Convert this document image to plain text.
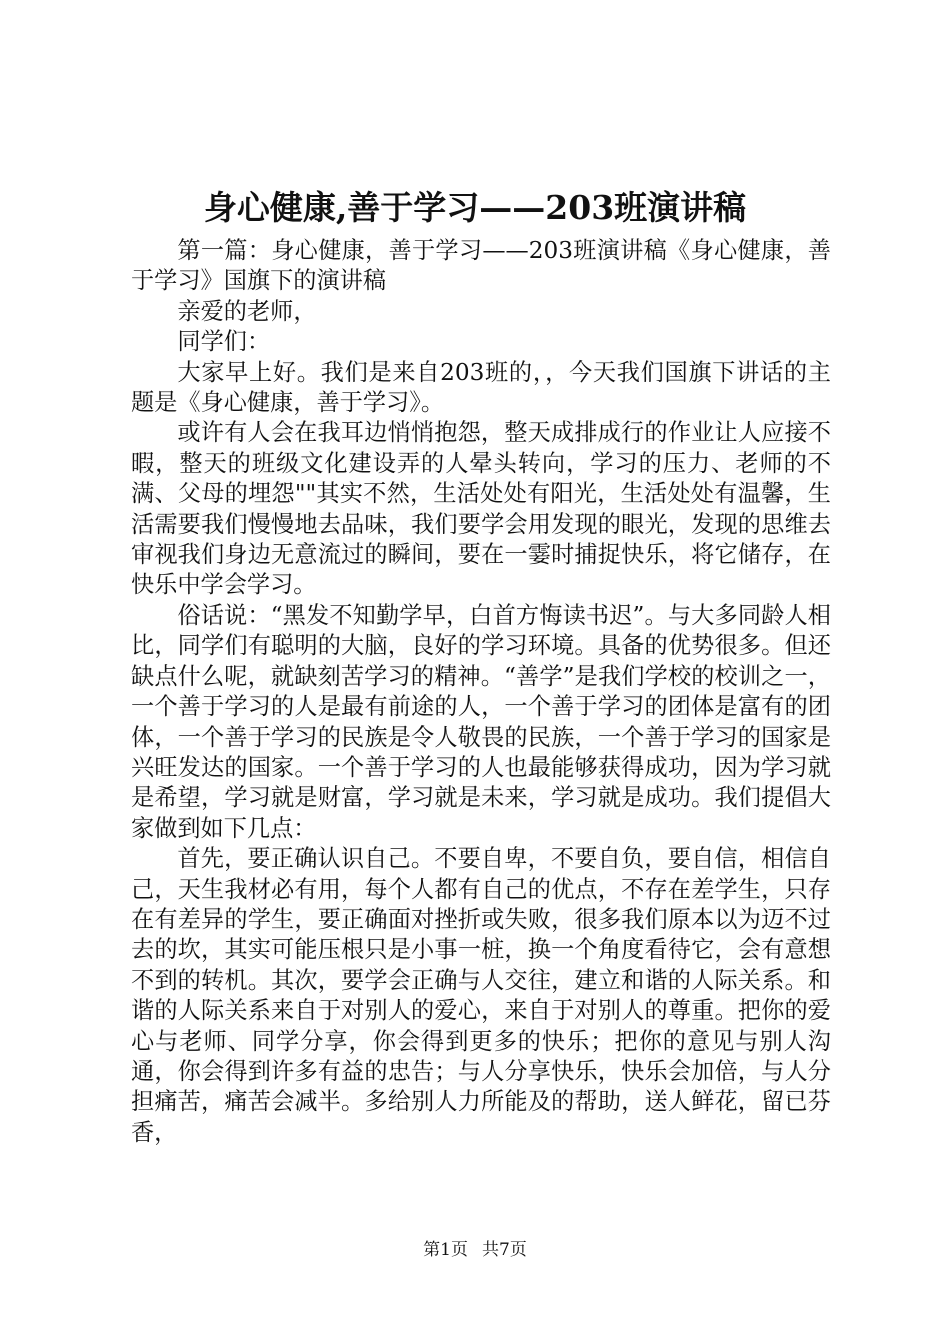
身心健康,善于学习——203班演讲稿

第一篇：身心健康，善于学习——203班演讲稿《身心健康，善于学习》国旗下的演讲稿

亲爱的老师，

同学们：

大家早上好。我们是来自203班的，，今天我们国旗下讲话的主题是《身心健康，善于学习》。

或许有人会在我耳边悄悄抱怨，整天成排成行的作业让人应接不暇，整天的班级文化建设弄的人晕头转向，学习的压力、老师的不满、父母的埋怨""其实不然，生活处处有阳光，生活处处有温馨，生活需要我们慢慢地去品味，我们要学会用发现的眼光，发现的思维去审视我们身边无意流过的瞬间，要在一霎时捕捉快乐，将它储存，在快乐中学会学习。

俗话说：“黑发不知勤学早，白首方悔读书迟”。与大多同龄人相比，同学们有聪明的大脑，良好的学习环境。具备的优势很多。但还缺点什么呢，就缺刻苦学习的精神。“善学”是我们学校的校训之一，一个善于学习的人是最有前途的人，一个善于学习的团体是富有的团体，一个善于学习的民族是令人敬畏的民族，一个善于学习的国家是兴旺发达的国家。一个善于学习的人也最能够获得成功，因为学习就是希望，学习就是财富，学习就是未来，学习就是成功。我们提倡大家做到如下几点：

首先，要正确认识自己。不要自卑，不要自负，要自信，相信自己，天生我材必有用，每个人都有自己的优点，不存在差学生，只存在有差异的学生，要正确面对挫折或失败，很多我们原本以为迈不过去的坎，其实可能压根只是小事一桩，换一个角度看待它，会有意想不到的转机。其次，要学会正确与人交往，建立和谐的人际关系。和谐的人际关系来自于对别人的爱心，来自于对别人的尊重。把你的爱心与老师、同学分享，你会得到更多的快乐；把你的意见与别人沟通，你会得到许多有益的忠告；与人分享快乐，快乐会加倍，与人分担痛苦，痛苦会减半。多给别人力所能及的帮助，送人鲜花，留已芬香，

第1页 共7页
